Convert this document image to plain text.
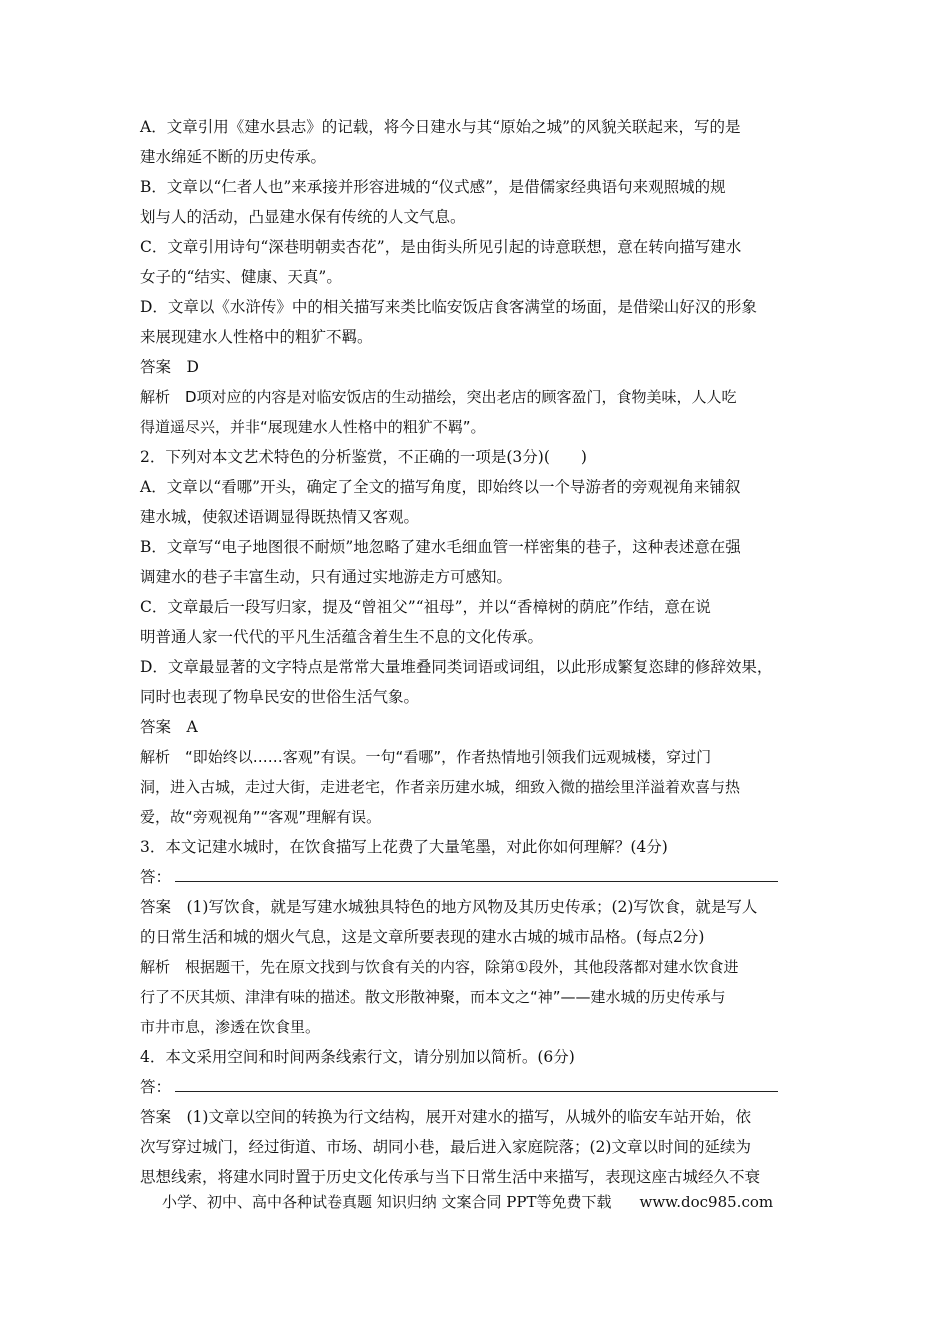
A．文章引用《建水县志》的记载，将今日建水与其“原始之城”的风貌关联起来，写的是
建水绵延不断的历史传承。
B．文章以“仁者人也”来承接并形容进城的“仪式感”，是借儒家经典语句来观照城的规
划与人的活动，凸显建水保有传统的人文气息。
C．文章引用诗句“深巷明朝卖杏花”，是由街头所见引起的诗意联想，意在转向描写建水
女子的“结实、健康、天真”。
D．文章以《水浒传》中的相关描写来类比临安饭店食客满堂的场面，是借梁山好汉的形象
来展现建水人性格中的粗犷不羁。
答案　D
解析　D项对应的内容是对临安饭店的生动描绘，突出老店的顾客盈门，食物美味，人人吃
得道遥尽兴，并非“展现建水人性格中的粗犷不羁”。
2．下列对本文艺术特色的分析鉴赏，不正确的一项是(3分)(　　)
A．文章以“看哪”开头，确定了全文的描写角度，即始终以一个导游者的旁观视角来铺叙
建水城，使叙述语调显得既热情又客观。
B．文章写“电子地图很不耐烦”地忽略了建水毛细血管一样密集的巷子，这种表述意在强
调建水的巷子丰富生动，只有通过实地游走方可感知。
C．文章最后一段写归家，提及“曾祖父”“祖母”，并以“香樟树的荫庇”作结，意在说
明普通人家一代代的平凡生活蕴含着生生不息的文化传承。
D．文章最显著的文字特点是常常大量堆叠同类词语或词组，以此形成繁复恣肆的修辞效果，
同时也表现了物阜民安的世俗生活气象。
答案　A
解析　“即始终以……客观”有误。一句“看哪”，作者热情地引领我们远观城楼，穿过门
洞，进入古城，走过大街，走进老宅，作者亲历建水城，细致入微的描绘里洋溢着欢喜与热
爱，故“旁观视角”“客观”理解有误。
3．本文记建水城时，在饮食描写上花费了大量笔墨，对此你如何理解？(4分)
答：
答案　(1)写饮食，就是写建水城独具特色的地方风物及其历史传承；(2)写饮食，就是写人
的日常生活和城的烟火气息，这是文章所要表现的建水古城的城市品格。(每点2分)
解析　根据题干，先在原文找到与饮食有关的内容，除第①段外，其他段落都对建水饮食进
行了不厌其烦、津津有味的描述。散文形散神聚，而本文之“神”——建水城的历史传承与
市井市息，渗透在饮食里。
4．本文采用空间和时间两条线索行文，请分别加以简析。(6分)
答：
答案　(1)文章以空间的转换为行文结构，展开对建水的描写，从城外的临安车站开始，依
次写穿过城门，经过街道、市场、胡同小巷，最后进入家庭院落；(2)文章以时间的延续为
思想线索，将建水同时置于历史文化传承与当下日常生活中来描写，表现这座古城经久不衰
小学、初中、高中各种试卷真题 知识归纳 文案合同 PPT等免费下载 www.doc985.com
